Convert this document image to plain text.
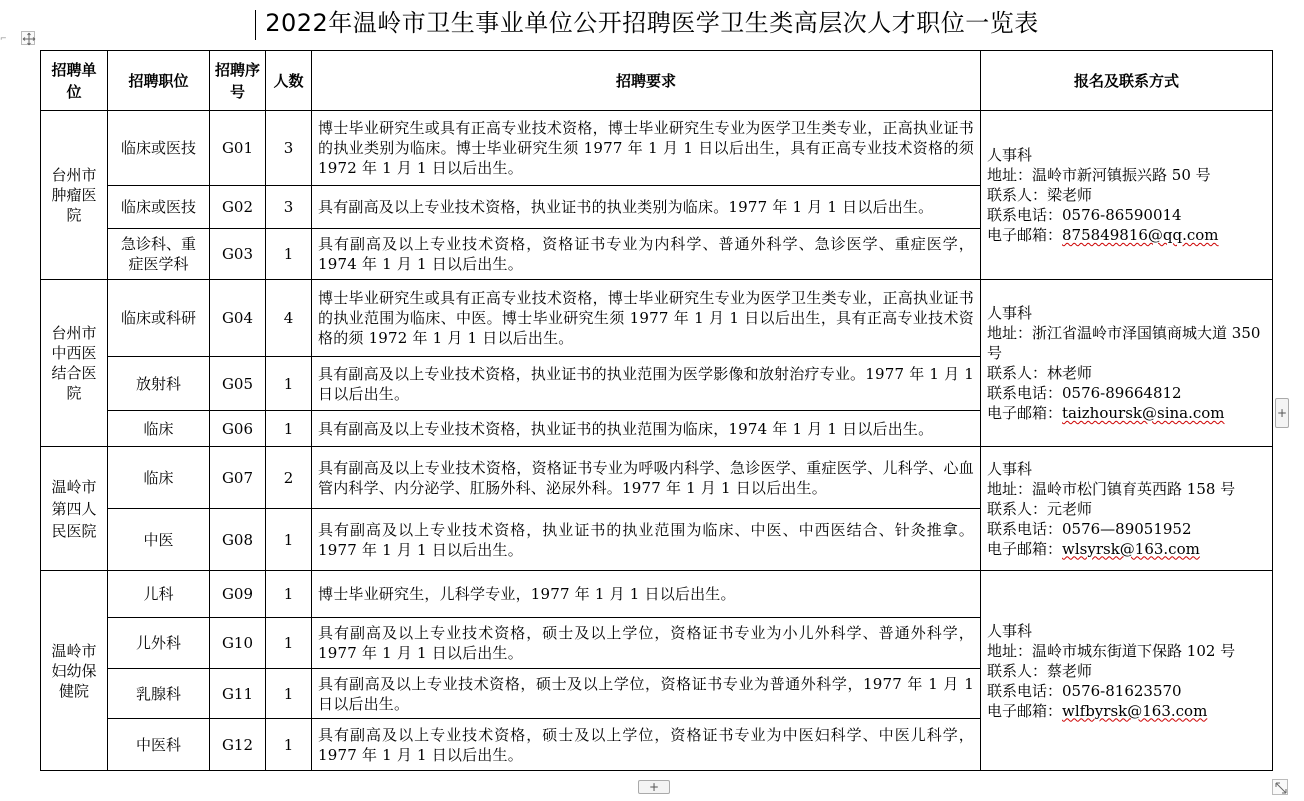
2022年温岭市卫生事业单位公开招聘医学卫生类高层次人才职位一览表
⌐
招聘单位	招聘职位	招聘序号	人数	招聘要求	报名及联系方式
台州市肿瘤医院	临床或医技	G01	3	博士毕业研究生或具有正高专业技术资格，博士毕业研究生专业为医学卫生类专业，正高执业证书的执业类别为临床。博士毕业研究生须 1977 年 1 月 1 日以后出生，具有正高专业技术资格的须 1972 年 1 月 1 日以后出生。	人事科
地址：温岭市新河镇振兴路 50 号
联系人：梁老师
联系电话：0576-86590014
电子邮箱：875849816@qq.com

	临床或医技	G02	3	具有副高及以上专业技术资格，执业证书的执业类别为临床。1977 年 1 月 1 日以后出生。	
	急诊科、重症医学科	G03	1	具有副高及以上专业技术资格，资格证书专业为内科学、普通外科学、急诊医学、重症医学，1974 年 1 月 1 日以后出生。	
台州市中西医结合医院	临床或科研	G04	4	博士毕业研究生或具有正高专业技术资格，博士毕业研究生专业为医学卫生类专业，正高执业证书的执业范围为临床、中医。博士毕业研究生须 1977 年 1 月 1 日以后出生，具有正高专业技术资格的须 1972 年 1 月 1 日以后出生。	人事科
地址：浙江省温岭市泽国镇商城大道 350 号
联系人：林老师
联系电话：0576-89664812
电子邮箱：taizhoursk@sina.com

	放射科	G05	1	具有副高及以上专业技术资格，执业证书的执业范围为医学影像和放射治疗专业。1977 年 1 月 1 日以后出生。	
	临床	G06	1	具有副高及以上专业技术资格，执业证书的执业范围为临床，1974 年 1 月 1 日以后出生。	
温岭市第四人民医院	临床	G07	2	具有副高及以上专业技术资格，资格证书专业为呼吸内科学、急诊医学、重症医学、儿科学、心血管内科学、内分泌学、肛肠外科、泌尿外科。1977 年 1 月 1 日以后出生。	人事科
地址：温岭市松门镇育英西路 158 号
联系人：元老师
联系电话：0576—89051952
电子邮箱：wlsyrsk@163.com

	中医	G08	1	具有副高及以上专业技术资格，执业证书的执业范围为临床、中医、中西医结合、针灸推拿。1977 年 1 月 1 日以后出生。	
温岭市妇幼保健院	儿科	G09	1	博士毕业研究生，儿科学专业，1977 年 1 月 1 日以后出生。	人事科
地址：温岭市城东街道下保路 102 号
联系人：蔡老师
联系电话：0576-81623570
电子邮箱：wlfbyrsk@163.com

	儿外科	G10	1	具有副高及以上专业技术资格，硕士及以上学位，资格证书专业为小儿外科学、普通外科学，1977 年 1 月 1 日以后出生。	
	乳腺科	G11	1	具有副高及以上专业技术资格，硕士及以上学位，资格证书专业为普通外科学，1977 年 1 月 1 日以后出生。	
	中医科	G12	1	具有副高及以上专业技术资格，硕士及以上学位，资格证书专业为中医妇科学、中医儿科学，1977 年 1 月 1 日以后出生。	
+
+
